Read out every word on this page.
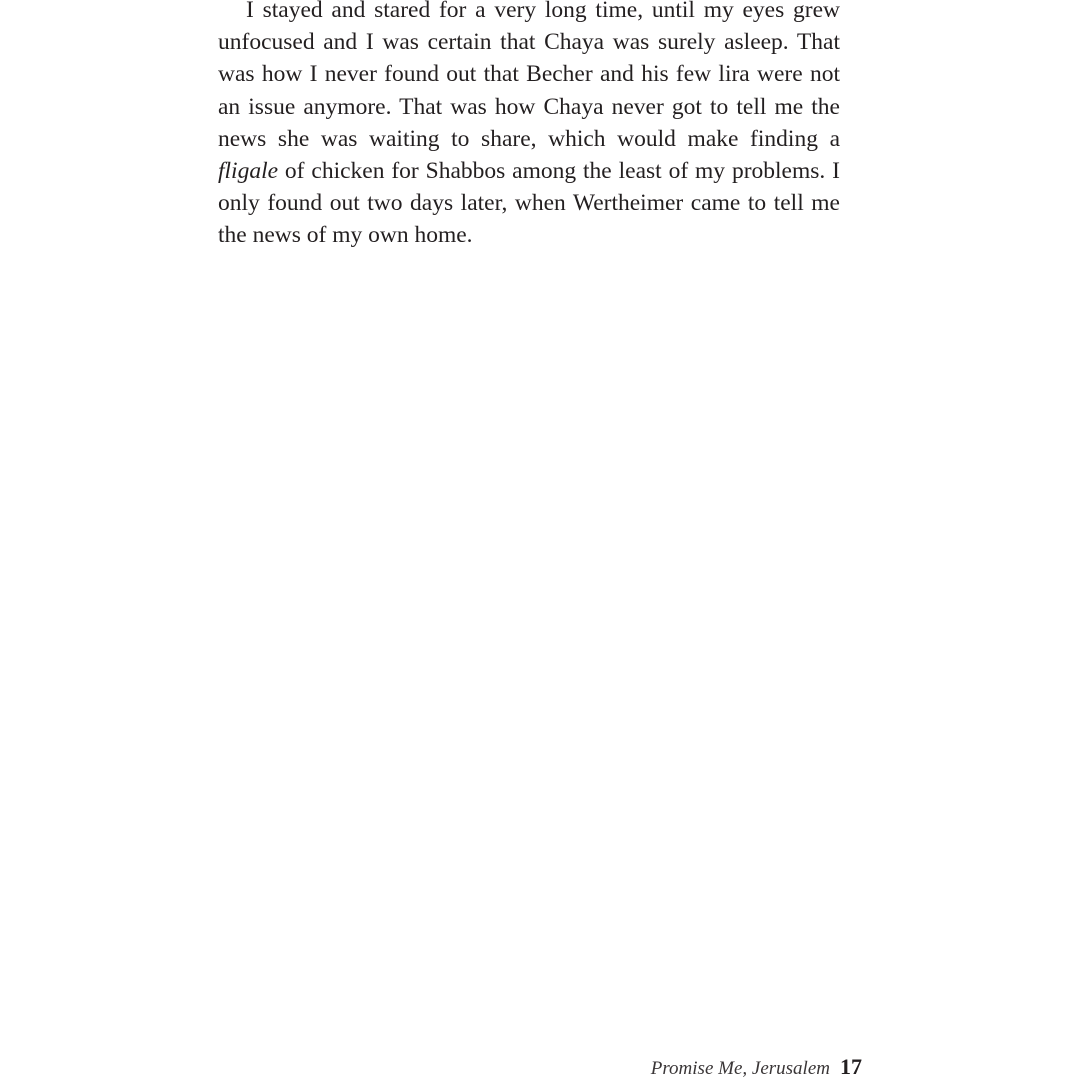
I stayed and stared for a very long time, until my eyes grew unfocused and I was certain that Chaya was surely asleep. That was how I never found out that Becher and his few lira were not an issue anymore. That was how Chaya never got to tell me the news she was waiting to share, which would make finding a fligale of chicken for Shabbos among the least of my problems. I only found out two days later, when Wertheimer came to tell me the news of my own home.

Promise Me, Jerusalem 17
